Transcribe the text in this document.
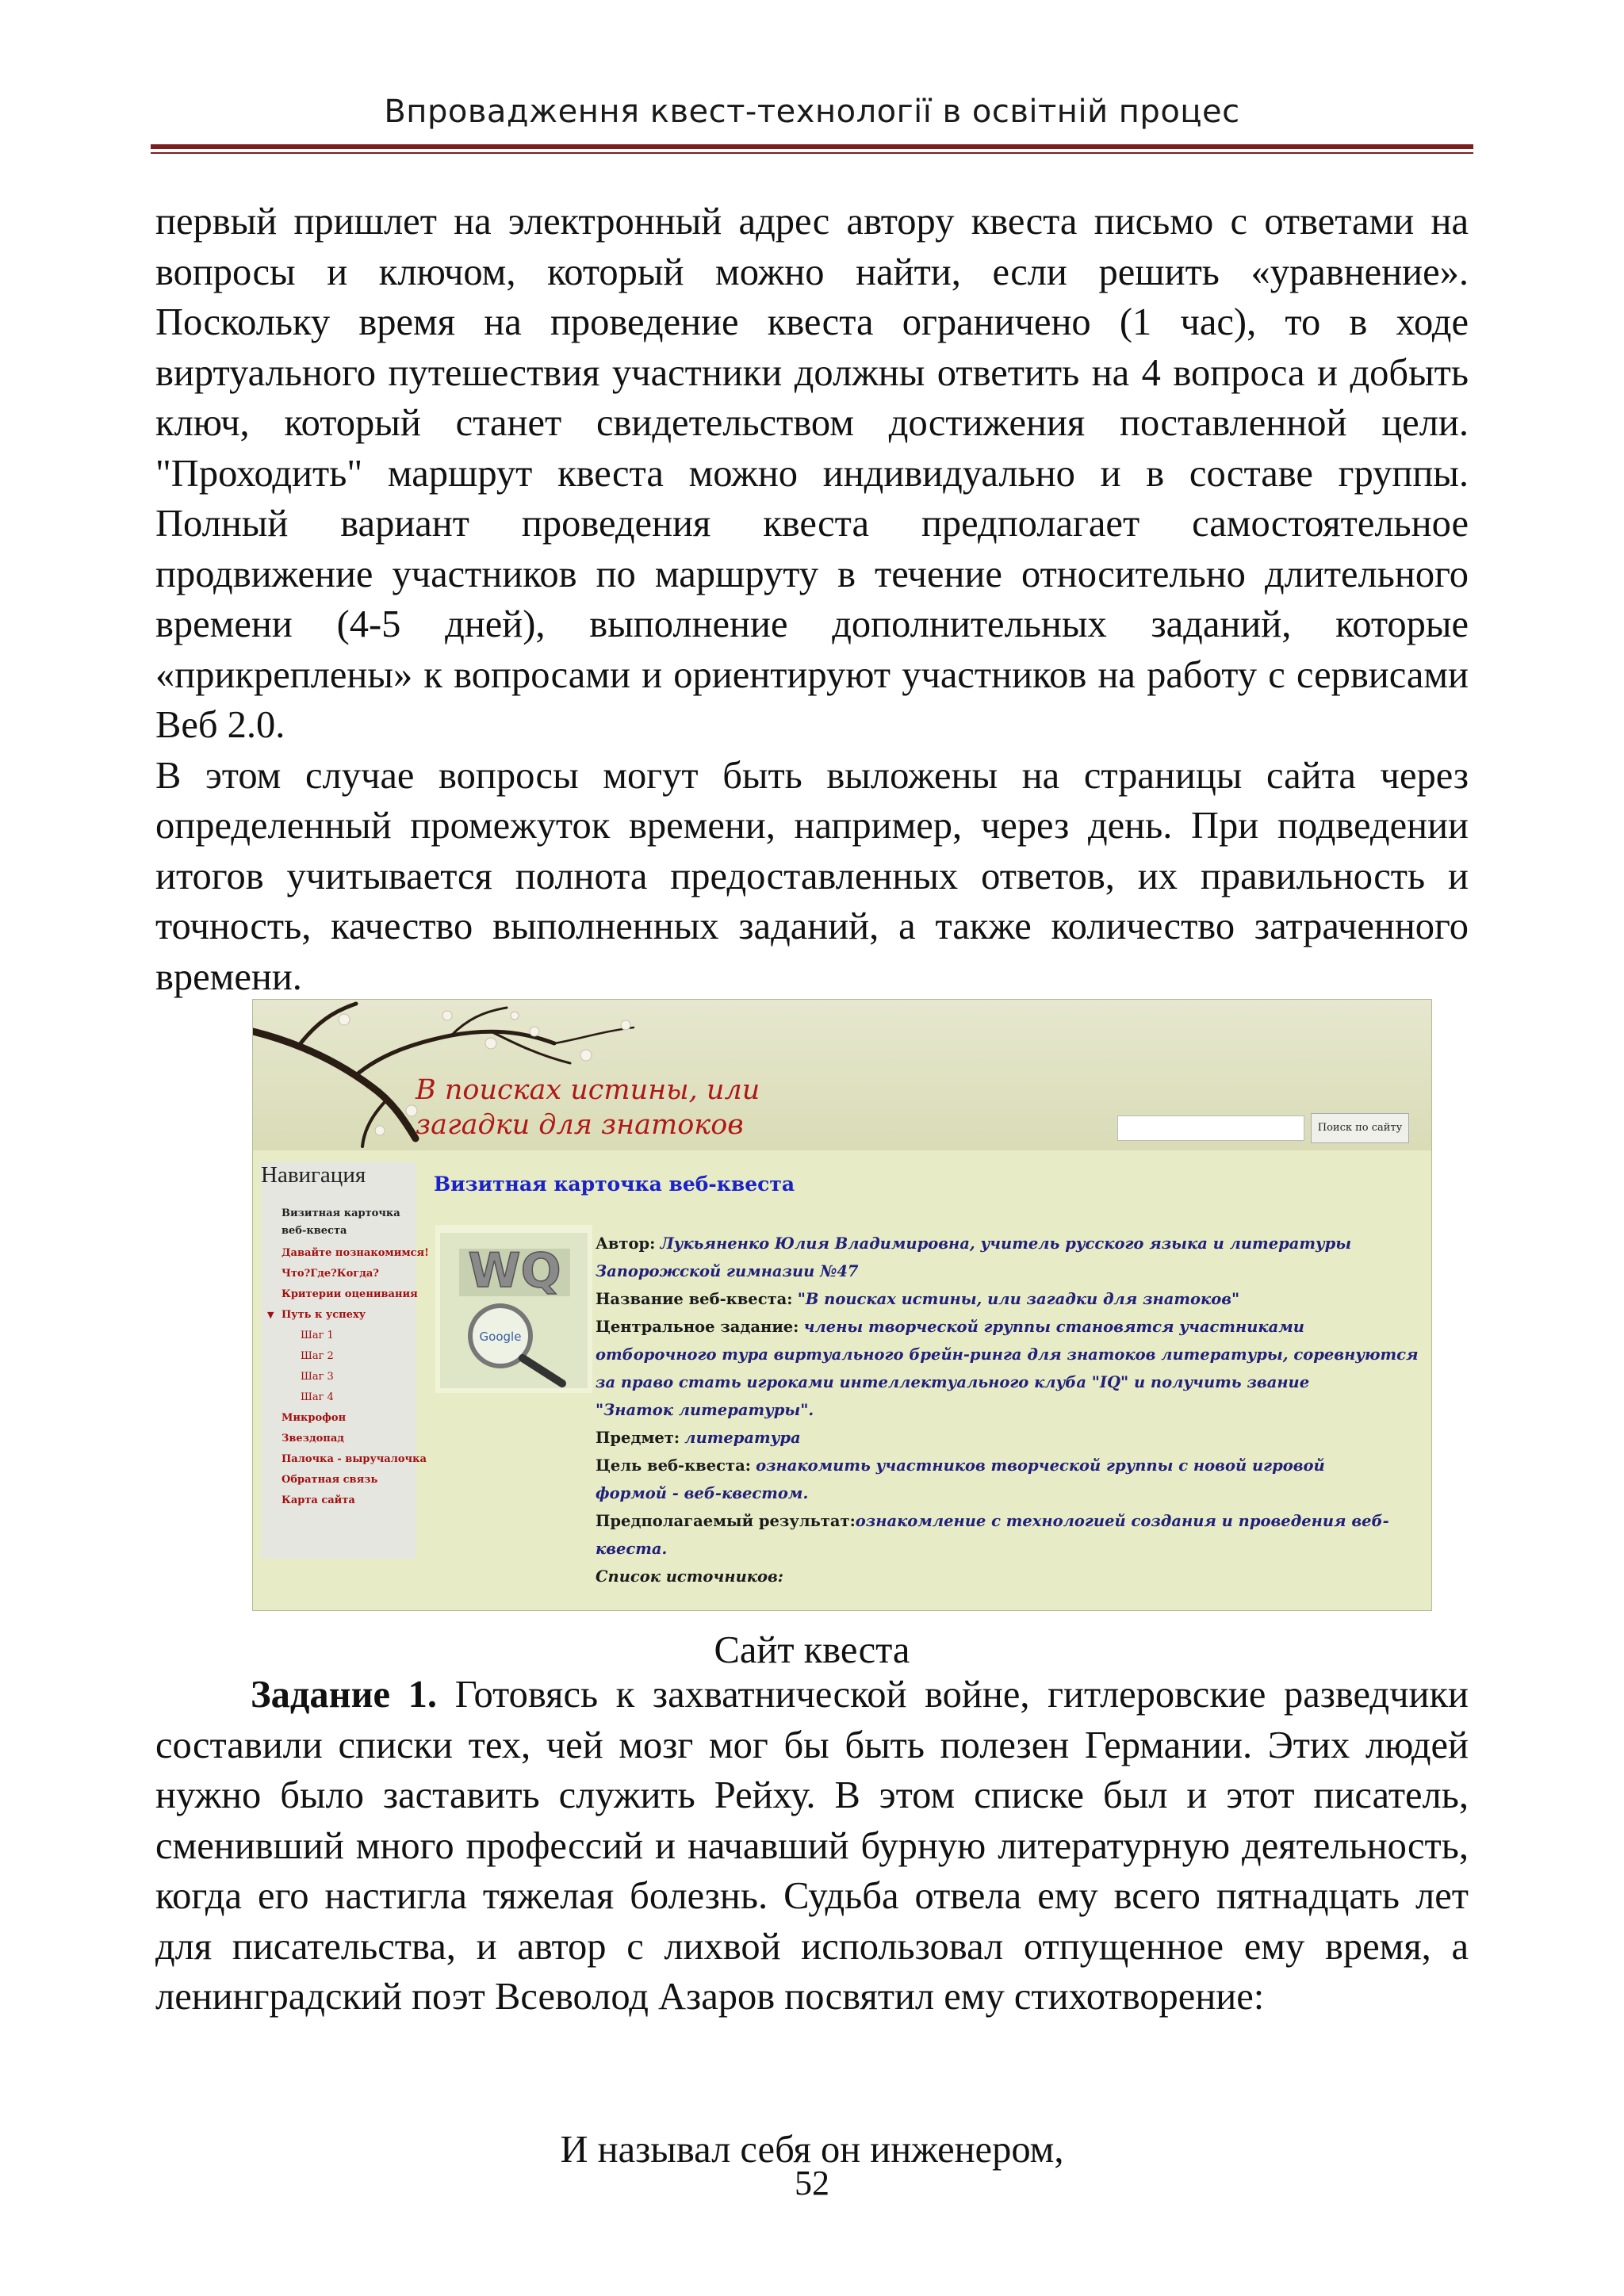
Впровадження квест-технології в освітній процес

первый пришлет на электронный адрес автору квеста письмо с ответами на вопросы и ключом, который можно найти, если решить «уравнение». Поскольку время на проведение квеста ограничено (1 час), то в ходе виртуального путешествия участники должны ответить на 4 вопроса и добыть ключ, который станет свидетельством достижения поставленной цели. "Проходить" маршрут квеста можно индивидуально и в составе группы. Полный вариант проведения квеста предполагает самостоятельное продвижение участников по маршруту в течение относительно длительного времени (4-5 дней), выполнение дополнительных заданий, которые «прикреплены» к вопросами и ориентируют участников на работу с сервисами Веб 2.0.

В этом случае вопросы могут быть выложены на страницы сайта через определенный промежуток времени, например, через день. При подведении итогов учитывается полнота предоставленных ответов, их правильность и точность, качество выполненных заданий, а также количество затраченного времени.

В поисках истины, или
загадки для знатоков	Поиск по сайту
Навигация
Визитная карточка веб-квеста
Давайте познакомимся!
Что?Где?Когда?
Критерии оценивания
▼ Путь к успеху
Шаг 1
Шаг 2
Шаг 3
Шаг 4
Микрофон
Звездопад
Палочка - выручалочка
Обратная связь
Карта сайта
Визитная карточка веб-квеста
WQ
Google
Автор: Лукьяненко Юлия Владимировна, учитель русского языка и литературы
Запорожской гимназии №47
Название веб-квеста: "В поисках истины, или загадки для знатоков"
Центральное задание: члены творческой группы становятся участниками
отборочного тура виртуального брейн-ринга для знатоков литературы, соревнуются
за право стать игроками интеллектуального клуба "IQ" и получить звание
"Знаток литературы".
Предмет: литература
Цель веб-квеста: ознакомить участников творческой группы с новой игровой
формой - веб-квестом.
Предполагаемый результат:ознакомление с технологией создания и проведения веб-
квеста.
Список источников:
Сайт квеста

Задание 1. Готовясь к захватнической войне, гитлеровские разведчики составили списки тех, чей мозг мог бы быть полезен Германии. Этих людей нужно было заставить служить Рейху. В этом списке был и этот писатель, сменивший много профессий и начавший бурную литературную деятельность, когда его настигла тяжелая болезнь. Судьба отвела ему всего пятнадцать лет для писательства, и автор с лихвой использовал отпущенное ему время, а ленинградский поэт Всеволод Азаров посвятил ему стихотворение:

И называл себя он инженером,
52
